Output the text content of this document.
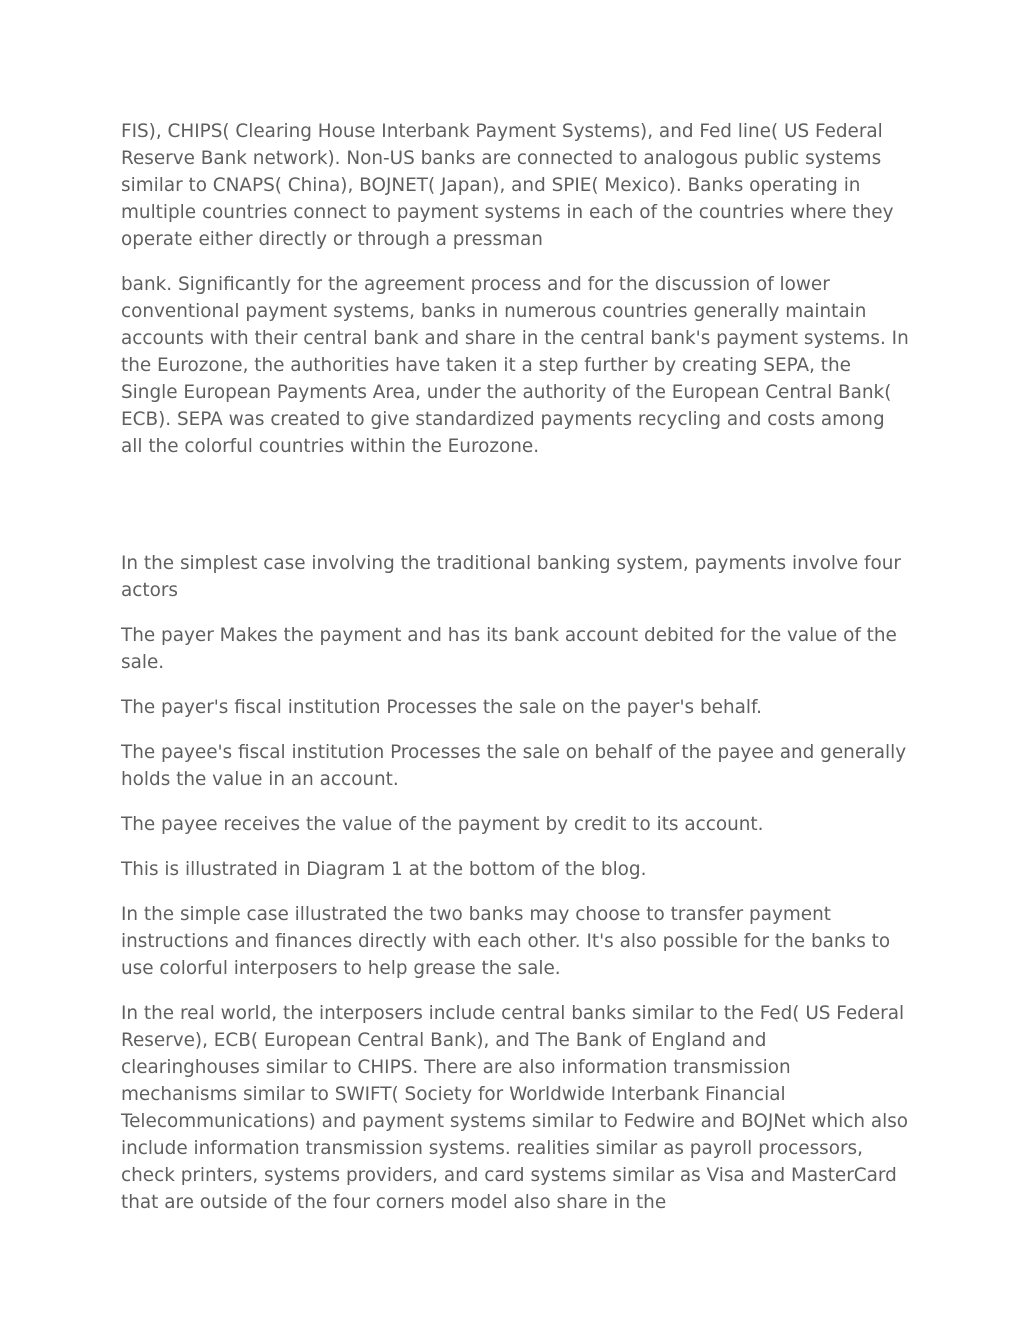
FIS), CHIPS( Clearing House Interbank Payment Systems), and Fed line( US Federal Reserve Bank network). Non-US banks are connected to analogous public systems similar to CNAPS( China), BOJNET( Japan), and SPIE( Mexico). Banks operating in multiple countries connect to payment systems in each of the countries where they operate either directly or through a pressman

bank. Significantly for the agreement process and for the discussion of lower conventional payment systems, banks in numerous countries generally maintain accounts with their central bank and share in the central bank's payment systems. In the Eurozone, the authorities have taken it a step further by creating SEPA, the Single European Payments Area, under the authority of the European Central Bank( ECB). SEPA was created to give standardized payments recycling and costs among all the colorful countries within the Eurozone.

In the simplest case involving the traditional banking system, payments involve four actors

The payer Makes the payment and has its bank account debited for the value of the sale.

The payer's fiscal institution Processes the sale on the payer's behalf.

The payee's fiscal institution Processes the sale on behalf of the payee and generally holds the value in an account.

The payee receives the value of the payment by credit to its account.

This is illustrated in Diagram 1 at the bottom of the blog.

In the simple case illustrated the two banks may choose to transfer payment instructions and finances directly with each other. It's also possible for the banks to use colorful interposers to help grease the sale.

In the real world, the interposers include central banks similar to the Fed( US Federal Reserve), ECB( European Central Bank), and The Bank of England and clearinghouses similar to CHIPS. There are also information transmission mechanisms similar to SWIFT( Society for Worldwide Interbank Financial Telecommunications) and payment systems similar to Fedwire and BOJNet which also include information transmission systems. realities similar as payroll processors, check printers, systems providers, and card systems similar as Visa and MasterCard that are outside of the four corners model also share in the
